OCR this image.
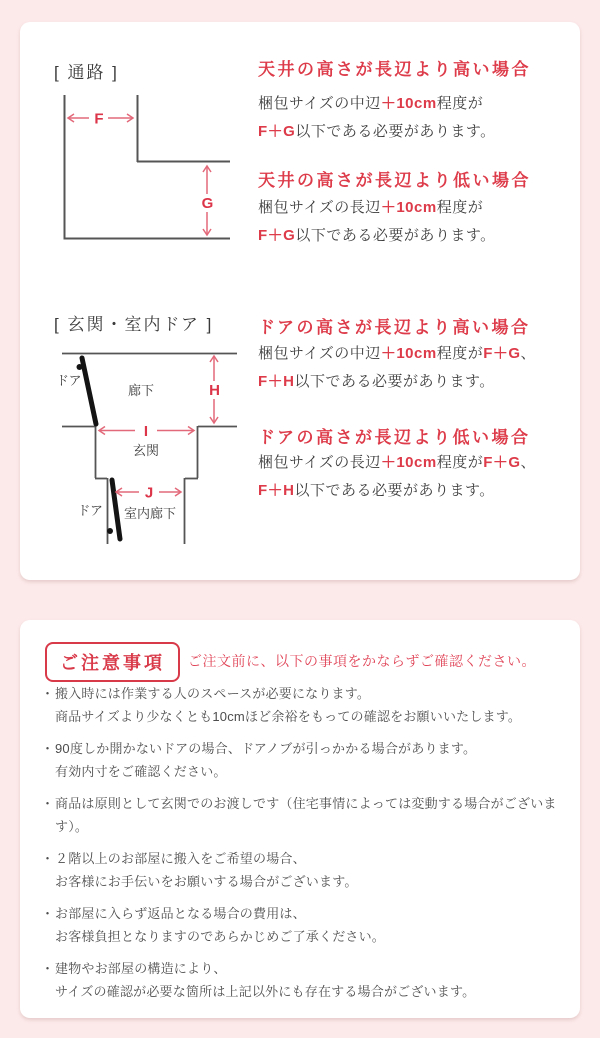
[ 通路 ]
F
G
天井の高さが長辺より高い場合
梱包サイズの中辺＋10cm程度が
F＋G以下である必要があります。
天井の高さが長辺より低い場合
梱包サイズの長辺＋10cm程度が
F＋G以下である必要があります。
[ 玄関・室内ドア ]
H
I
J
ドア
廊下
玄関
ドア 室内廊下
ドアの高さが長辺より高い場合
梱包サイズの中辺＋10cm程度がF＋G、
F＋H以下である必要があります。
ドアの高さが長辺より低い場合
梱包サイズの長辺＋10cm程度がF＋G、
F＋H以下である必要があります。
ご注意事項	ご注文前に、以下の事項をかならずご確認ください。
・ 搬入時には作業する人のスペースが必要になります。
商品サイズより少なくとも10cmほど余裕をもっての確認をお願いいたします。
・ 90度しか開かないドアの場合、ドアノブが引っかかる場合があります。
有効内寸をご確認ください。
・ 商品は原則として玄関でのお渡しです（住宅事情によっては変動する場合がございます）。
・ ２階以上のお部屋に搬入をご希望の場合、
お客様にお手伝いをお願いする場合がございます。
・ お部屋に入らず返品となる場合の費用は、
お客様負担となりますのであらかじめご了承ください。
・ 建物やお部屋の構造により、
サイズの確認が必要な箇所は上記以外にも存在する場合がございます。
